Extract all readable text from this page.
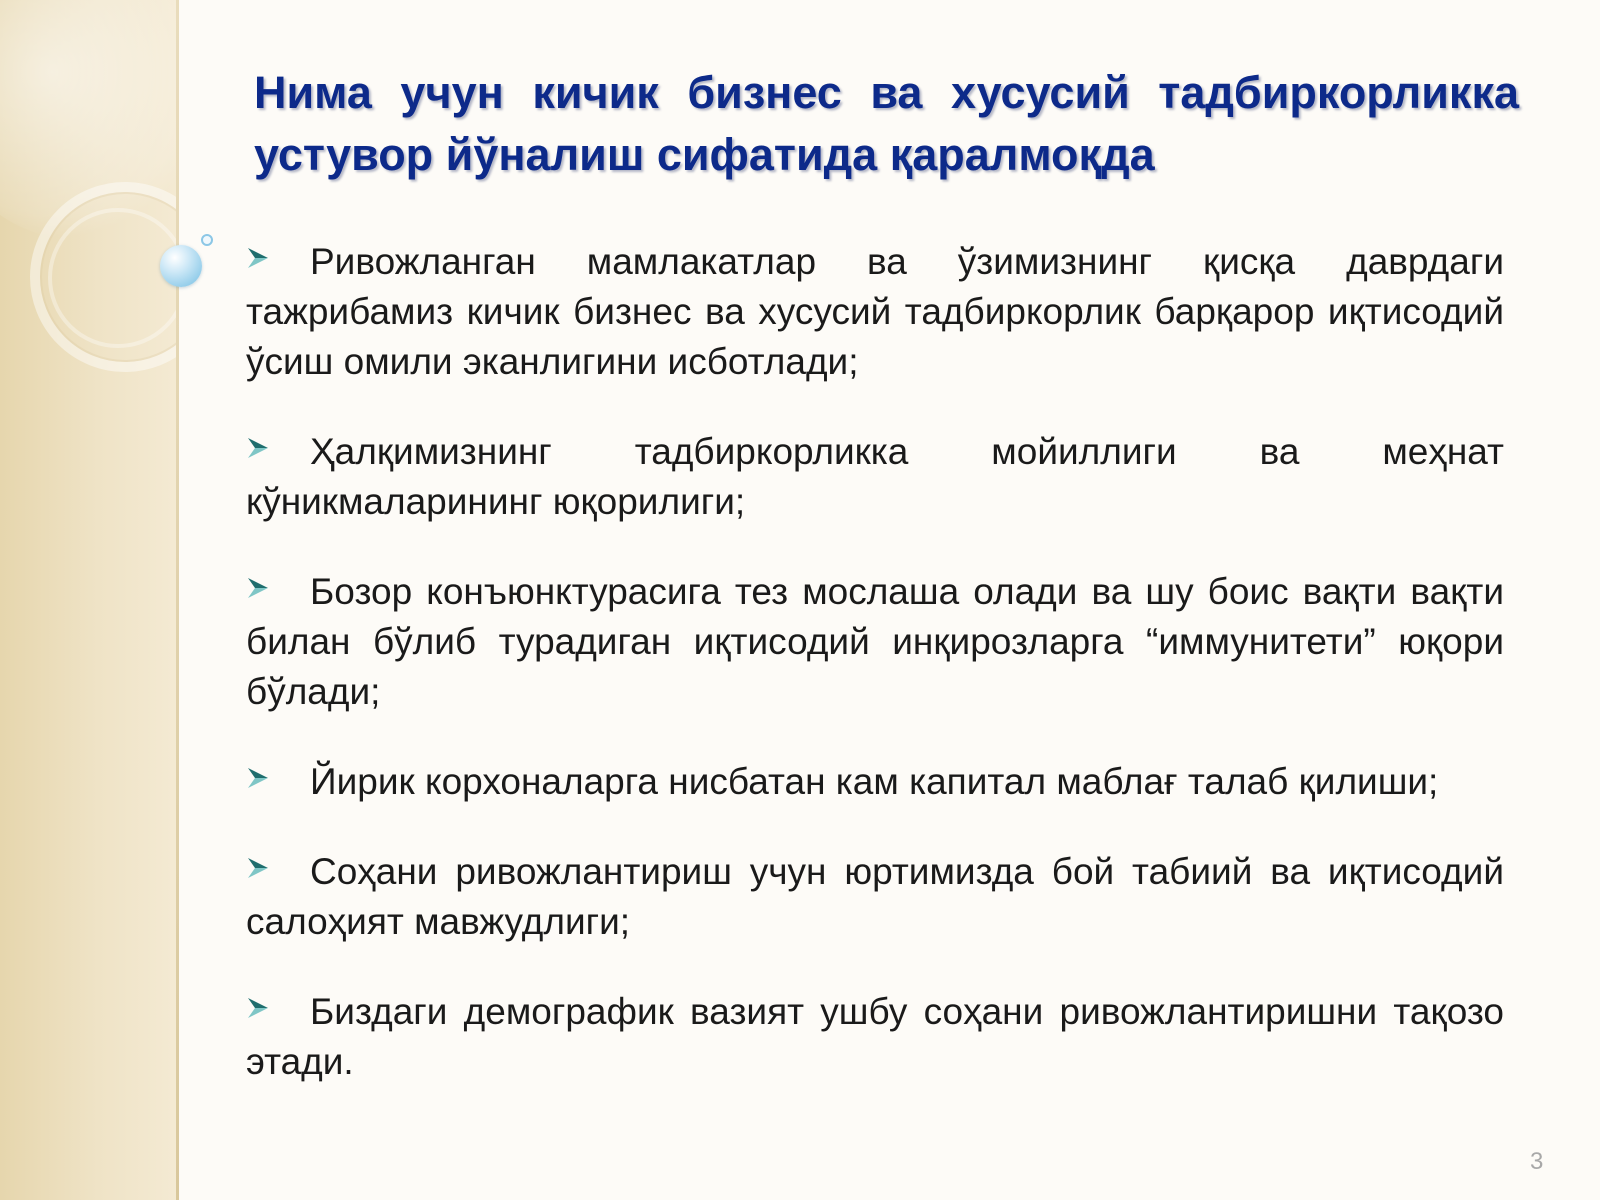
Нима учун кичик бизнес ва хусусий тадбиркорликка устувор йўналиш сифатида қаралмоқда
Ривожланган мамлакатлар ва ўзимизнинг қисқа даврдаги тажрибамиз кичик бизнес ва хусусий тадбиркорлик барқарор иқтисодий ўсиш омили эканлигини исботлади;
Ҳалқимизнинг тадбиркорликка мойиллиги ва меҳнат кўникмаларининг юқорилиги;
Бозор конъюнктурасига тез мослаша олади ва шу боис вақти вақти билан бўлиб турадиган иқтисодий инқирозларга “иммунитети” юқори бўлади;
Йирик корхоналарга нисбатан кам капитал маблағ талаб қилиши;
Соҳани ривожлантириш учун юртимизда бой табиий ва иқтисодий салоҳият мавжудлиги;
Биздаги демографик вазият ушбу соҳани ривожлантиришни тақозо этади.
3
